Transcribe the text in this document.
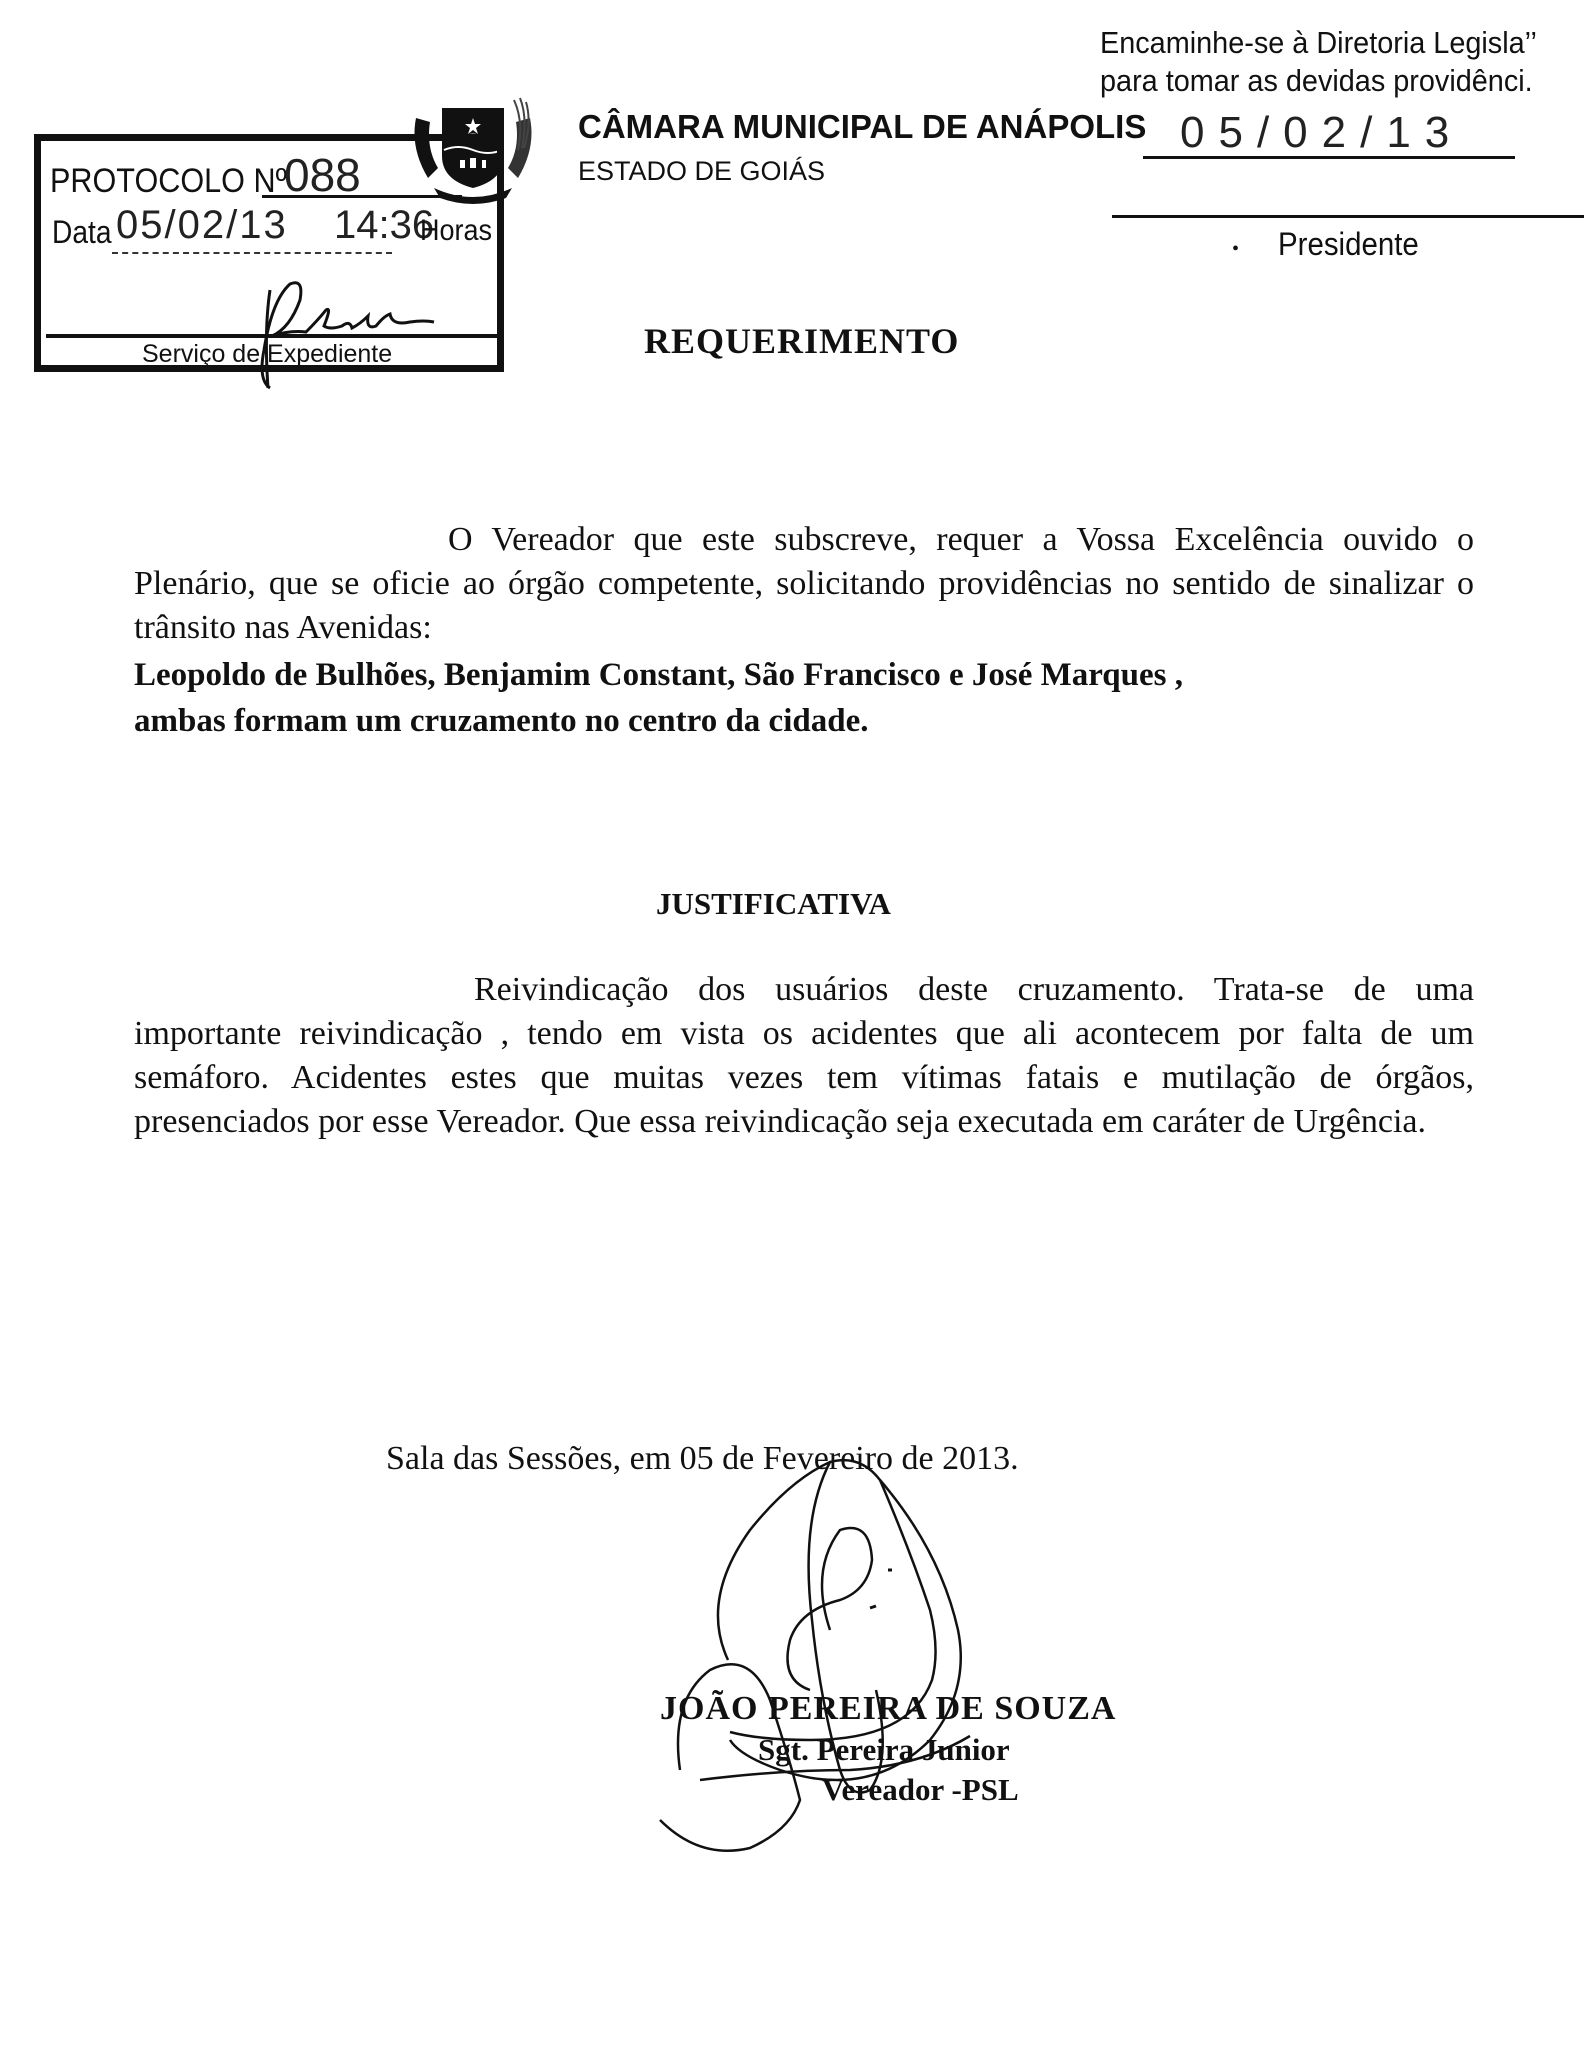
Encaminhe-se à Diretoria Legisla’’
para tomar as devidas providênci.
05/02/13
• Presidente
CÂMARA MUNICIPAL DE ANÁPOLIS
ESTADO DE GOIÁS
PROTOCOLO Nº
088
Data 05/02/13 14:36
Horas
Serviço de Expediente	REQUERIMENTO
O Vereador que este subscreve, requer a Vossa Excelência ouvido o Plenário, que se oficie ao órgão competente, solicitando providências no sentido de sinalizar o trânsito nas Avenidas:
Leopoldo de Bulhões, Benjamim Constant, São Francisco e José Marques ,
ambas formam um cruzamento no centro da cidade.
JUSTIFICATIVA
Reivindicação dos usuários deste cruzamento. Trata-se de uma importante reivindicação , tendo em vista os acidentes que ali acontecem por falta de um semáforo. Acidentes estes que muitas vezes tem vítimas fatais e mutilação de órgãos, presenciados por esse Vereador. Que essa reivindicação seja executada em caráter de Urgência.
Sala das Sessões, em 05 de Fevereiro de 2013.
JOÃO PEREIRA DE SOUZA
Sgt. Pereira Junior
Vereador -PSL
